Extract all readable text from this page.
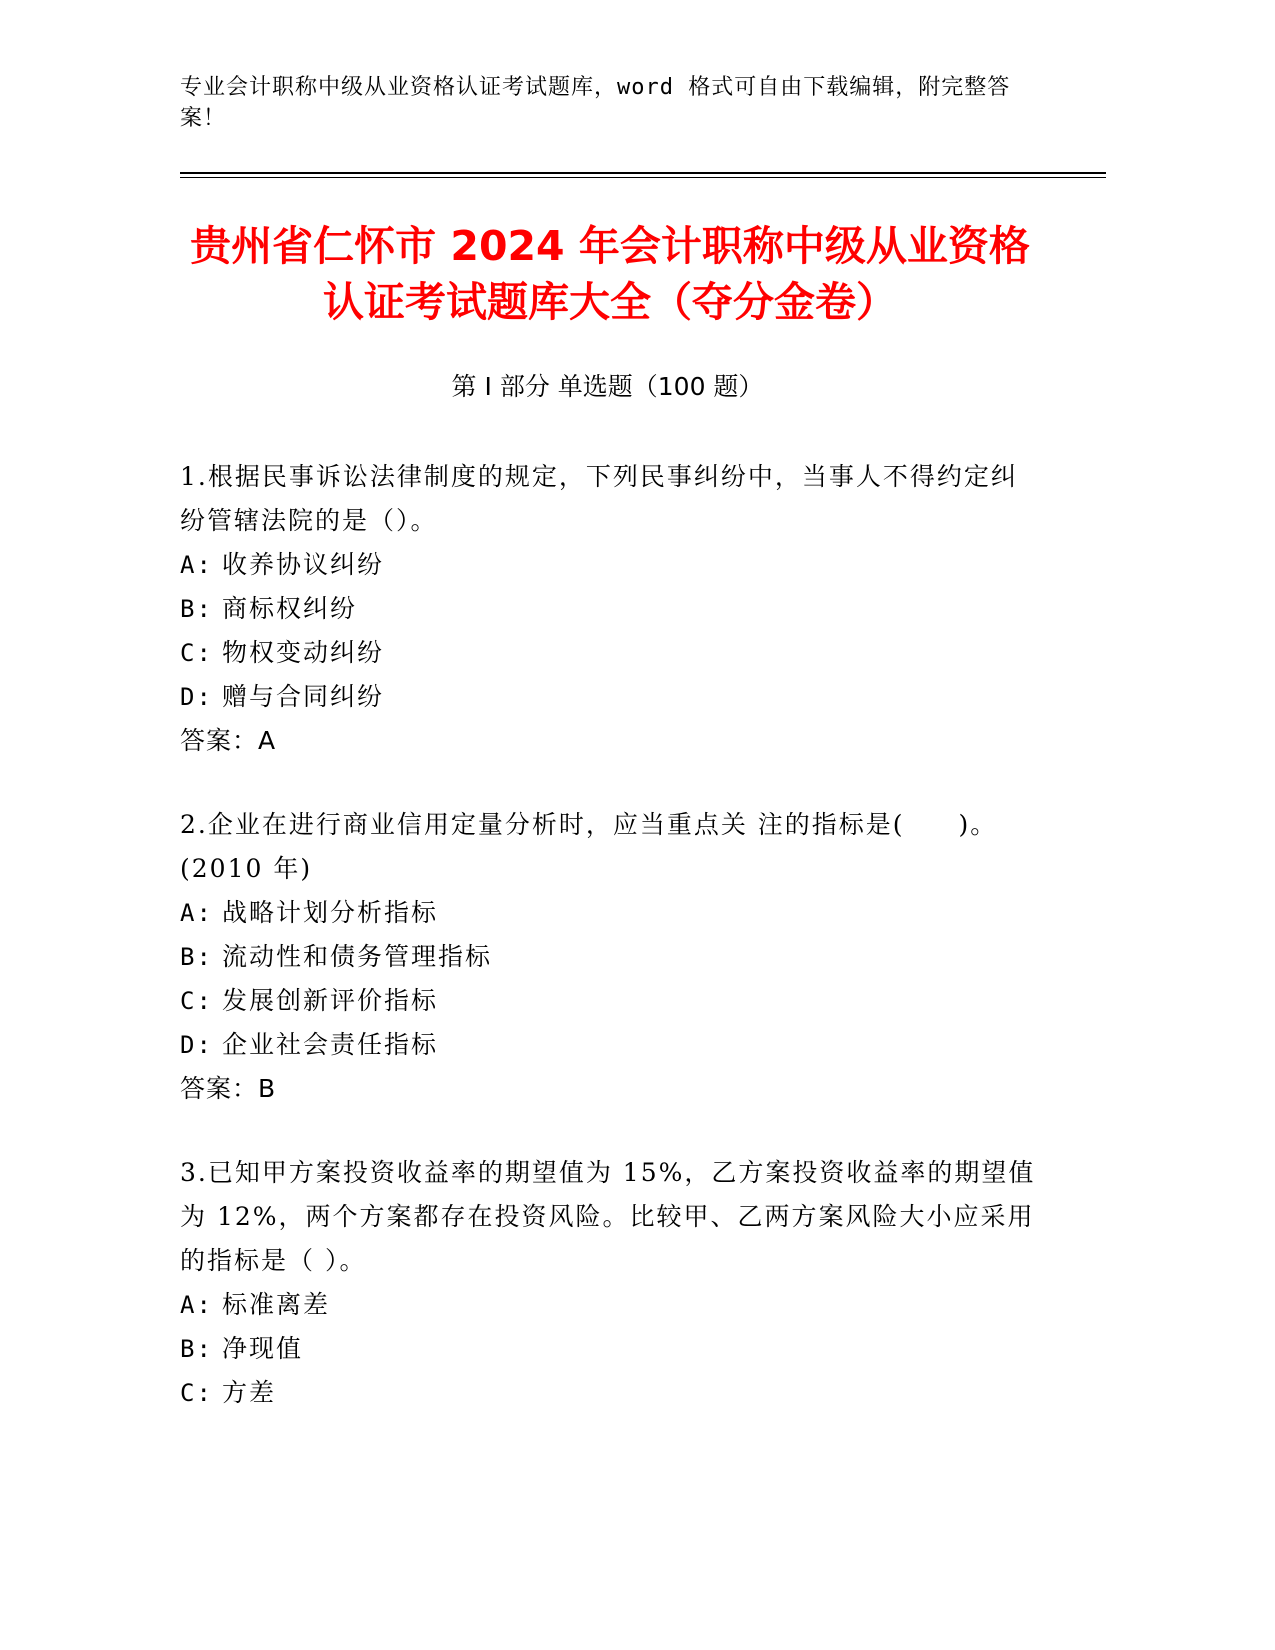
专业会计职称中级从业资格认证考试题库，word 格式可自由下载编辑，附完整答案！
贵州省仁怀市 2024 年会计职称中级从业资格认证考试题库大全（夺分金卷）
第 I 部分 单选题（100 题）
1.根据民事诉讼法律制度的规定，下列民事纠纷中，当事人不得约定纠纷管辖法院的是（）。
A: 收养协议纠纷
B: 商标权纠纷
C: 物权变动纠纷
D: 赠与合同纠纷
答案：A
2.企业在进行商业信用定量分析时，应当重点关 注的指标是(　　)。(2010 年)
A: 战略计划分析指标
B: 流动性和债务管理指标
C: 发展创新评价指标
D: 企业社会责任指标
答案：B
3.已知甲方案投资收益率的期望值为 15%，乙方案投资收益率的期望值为 12%，两个方案都存在投资风险。比较甲、乙两方案风险大小应采用的指标是（ ）。
A: 标准离差
B: 净现值
C: 方差
